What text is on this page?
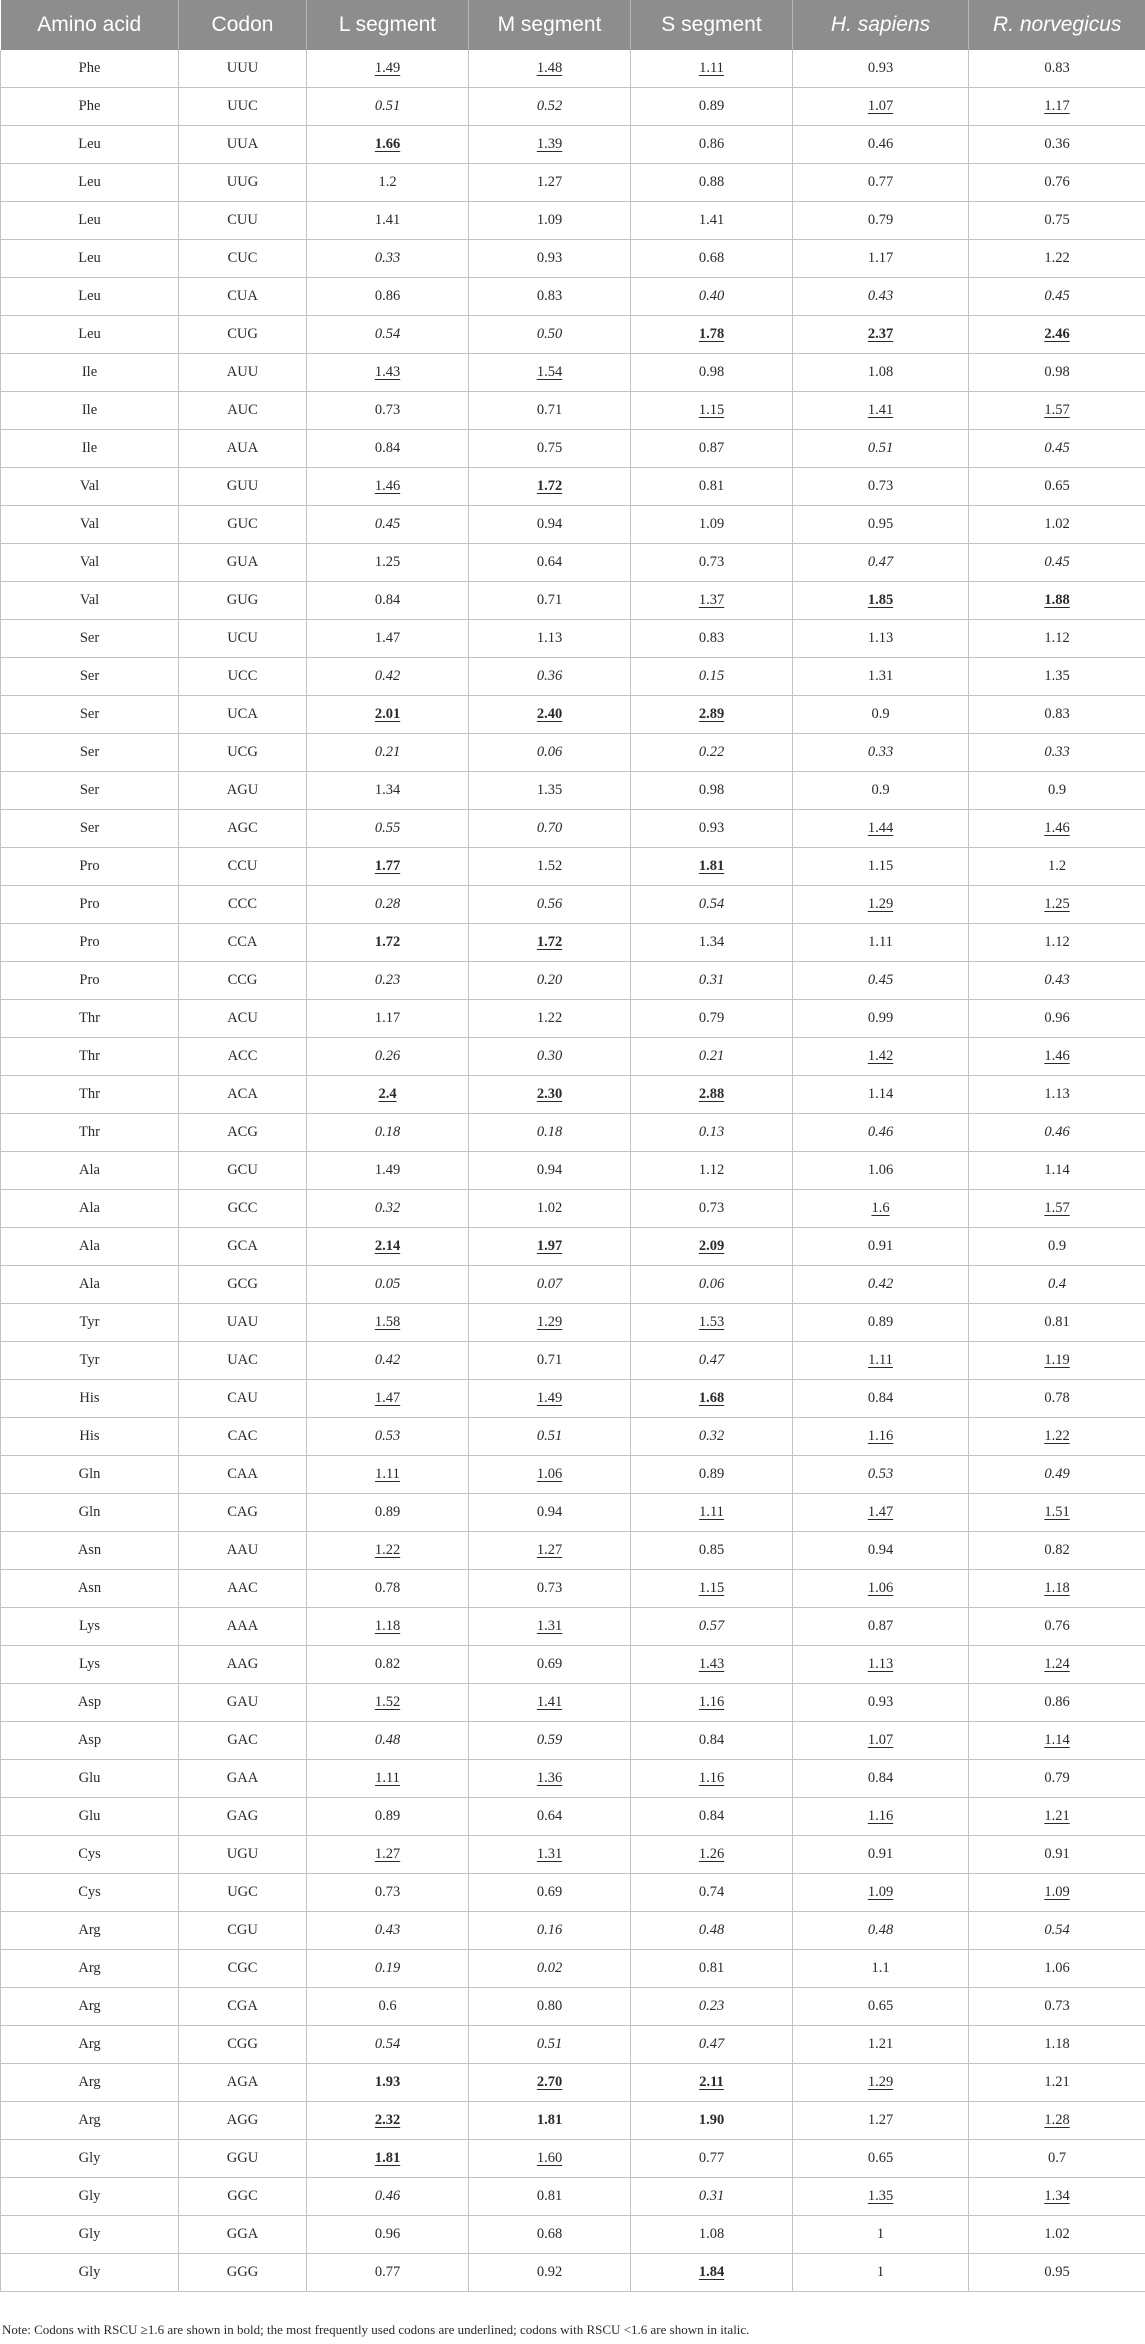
Amino acid	Codon	L segment	M segment	S segment	H. sapiens	R. norvegicus
Phe	UUU	1.49	1.48	1.11	0.93	0.83
Phe	UUC	0.51	0.52	0.89	1.07	1.17
Leu	UUA	1.66	1.39	0.86	0.46	0.36
Leu	UUG	1.2	1.27	0.88	0.77	0.76
Leu	CUU	1.41	1.09	1.41	0.79	0.75
Leu	CUC	0.33	0.93	0.68	1.17	1.22
Leu	CUA	0.86	0.83	0.40	0.43	0.45
Leu	CUG	0.54	0.50	1.78	2.37	2.46
Ile	AUU	1.43	1.54	0.98	1.08	0.98
Ile	AUC	0.73	0.71	1.15	1.41	1.57
Ile	AUA	0.84	0.75	0.87	0.51	0.45
Val	GUU	1.46	1.72	0.81	0.73	0.65
Val	GUC	0.45	0.94	1.09	0.95	1.02
Val	GUA	1.25	0.64	0.73	0.47	0.45
Val	GUG	0.84	0.71	1.37	1.85	1.88
Ser	UCU	1.47	1.13	0.83	1.13	1.12
Ser	UCC	0.42	0.36	0.15	1.31	1.35
Ser	UCA	2.01	2.40	2.89	0.9	0.83
Ser	UCG	0.21	0.06	0.22	0.33	0.33
Ser	AGU	1.34	1.35	0.98	0.9	0.9
Ser	AGC	0.55	0.70	0.93	1.44	1.46
Pro	CCU	1.77	1.52	1.81	1.15	1.2
Pro	CCC	0.28	0.56	0.54	1.29	1.25
Pro	CCA	1.72	1.72	1.34	1.11	1.12
Pro	CCG	0.23	0.20	0.31	0.45	0.43
Thr	ACU	1.17	1.22	0.79	0.99	0.96
Thr	ACC	0.26	0.30	0.21	1.42	1.46
Thr	ACA	2.4	2.30	2.88	1.14	1.13
Thr	ACG	0.18	0.18	0.13	0.46	0.46
Ala	GCU	1.49	0.94	1.12	1.06	1.14
Ala	GCC	0.32	1.02	0.73	1.6	1.57
Ala	GCA	2.14	1.97	2.09	0.91	0.9
Ala	GCG	0.05	0.07	0.06	0.42	0.4
Tyr	UAU	1.58	1.29	1.53	0.89	0.81
Tyr	UAC	0.42	0.71	0.47	1.11	1.19
His	CAU	1.47	1.49	1.68	0.84	0.78
His	CAC	0.53	0.51	0.32	1.16	1.22
Gln	CAA	1.11	1.06	0.89	0.53	0.49
Gln	CAG	0.89	0.94	1.11	1.47	1.51
Asn	AAU	1.22	1.27	0.85	0.94	0.82
Asn	AAC	0.78	0.73	1.15	1.06	1.18
Lys	AAA	1.18	1.31	0.57	0.87	0.76
Lys	AAG	0.82	0.69	1.43	1.13	1.24
Asp	GAU	1.52	1.41	1.16	0.93	0.86
Asp	GAC	0.48	0.59	0.84	1.07	1.14
Glu	GAA	1.11	1.36	1.16	0.84	0.79
Glu	GAG	0.89	0.64	0.84	1.16	1.21
Cys	UGU	1.27	1.31	1.26	0.91	0.91
Cys	UGC	0.73	0.69	0.74	1.09	1.09
Arg	CGU	0.43	0.16	0.48	0.48	0.54
Arg	CGC	0.19	0.02	0.81	1.1	1.06
Arg	CGA	0.6	0.80	0.23	0.65	0.73
Arg	CGG	0.54	0.51	0.47	1.21	1.18
Arg	AGA	1.93	2.70	2.11	1.29	1.21
Arg	AGG	2.32	1.81	1.90	1.27	1.28
Gly	GGU	1.81	1.60	0.77	0.65	0.7
Gly	GGC	0.46	0.81	0.31	1.35	1.34
Gly	GGA	0.96	0.68	1.08	1	1.02
Gly	GGG	0.77	0.92	1.84	1	0.95
Note: Codons with RSCU ≥1.6 are shown in bold; the most frequently used codons are underlined; codons with RSCU <1.6 are shown in italic.
